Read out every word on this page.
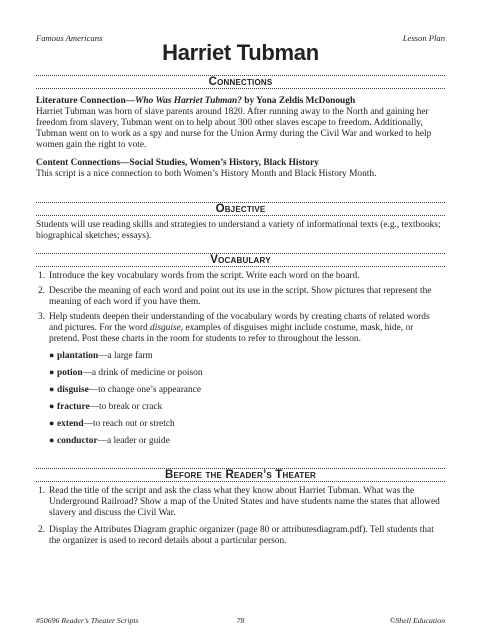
Famous Americans	Lesson Plan
Harriet Tubman
Connections

Literature Connection—Who Was Harriet Tubman? by Yona Zeldis McDonough

Harriet Tubman was born of slave parents around 1820. After running away to the North and gaining her freedom from slavery, Tubman went on to help about 300 other slaves escape to freedom. Additionally, Tubman went on to work as a spy and nurse for the Union Army during the Civil War and worked to help women gain the right to vote.

Content Connections—Social Studies, Women’s History, Black History

This script is a nice connection to both Women’s History Month and Black History Month.

Objective

Students will use reading skills and strategies to understand a variety of informational texts (e.g., textbooks; biographical sketches; essays).

Vocabulary
1. Introduce the key vocabulary words from the script. Write each word on the board.
2. Describe the meaning of each word and point out its use in the script. Show pictures that represent the meaning of each word if you have them.
3. Help students deepen their understanding of the vocabulary words by creating charts of related words and pictures. For the word disguise, examples of disguises might include costume, mask, hide, or pretend. Post these charts in the room for students to refer to throughout the lesson.
● plantation—a large farm
● potion—a drink of medicine or poison
● disguise—to change one’s appearance
● fracture—to break or crack
● extend—to reach out or stretch
● conductor—a leader or guide
Before the Reader’s Theater
1. Read the title of the script and ask the class what they know about Harriet Tubman. What was the Underground Railroad? Show a map of the United States and have students name the states that allowed slavery and discuss the Civil War.
2. Display the Attributes Diagram graphic organizer (page 80 or attributesdiagram.pdf). Tell students that the organizer is used to record details about a particular person.
#50696 Reader’s Theater Scripts	78	©Shell Education
